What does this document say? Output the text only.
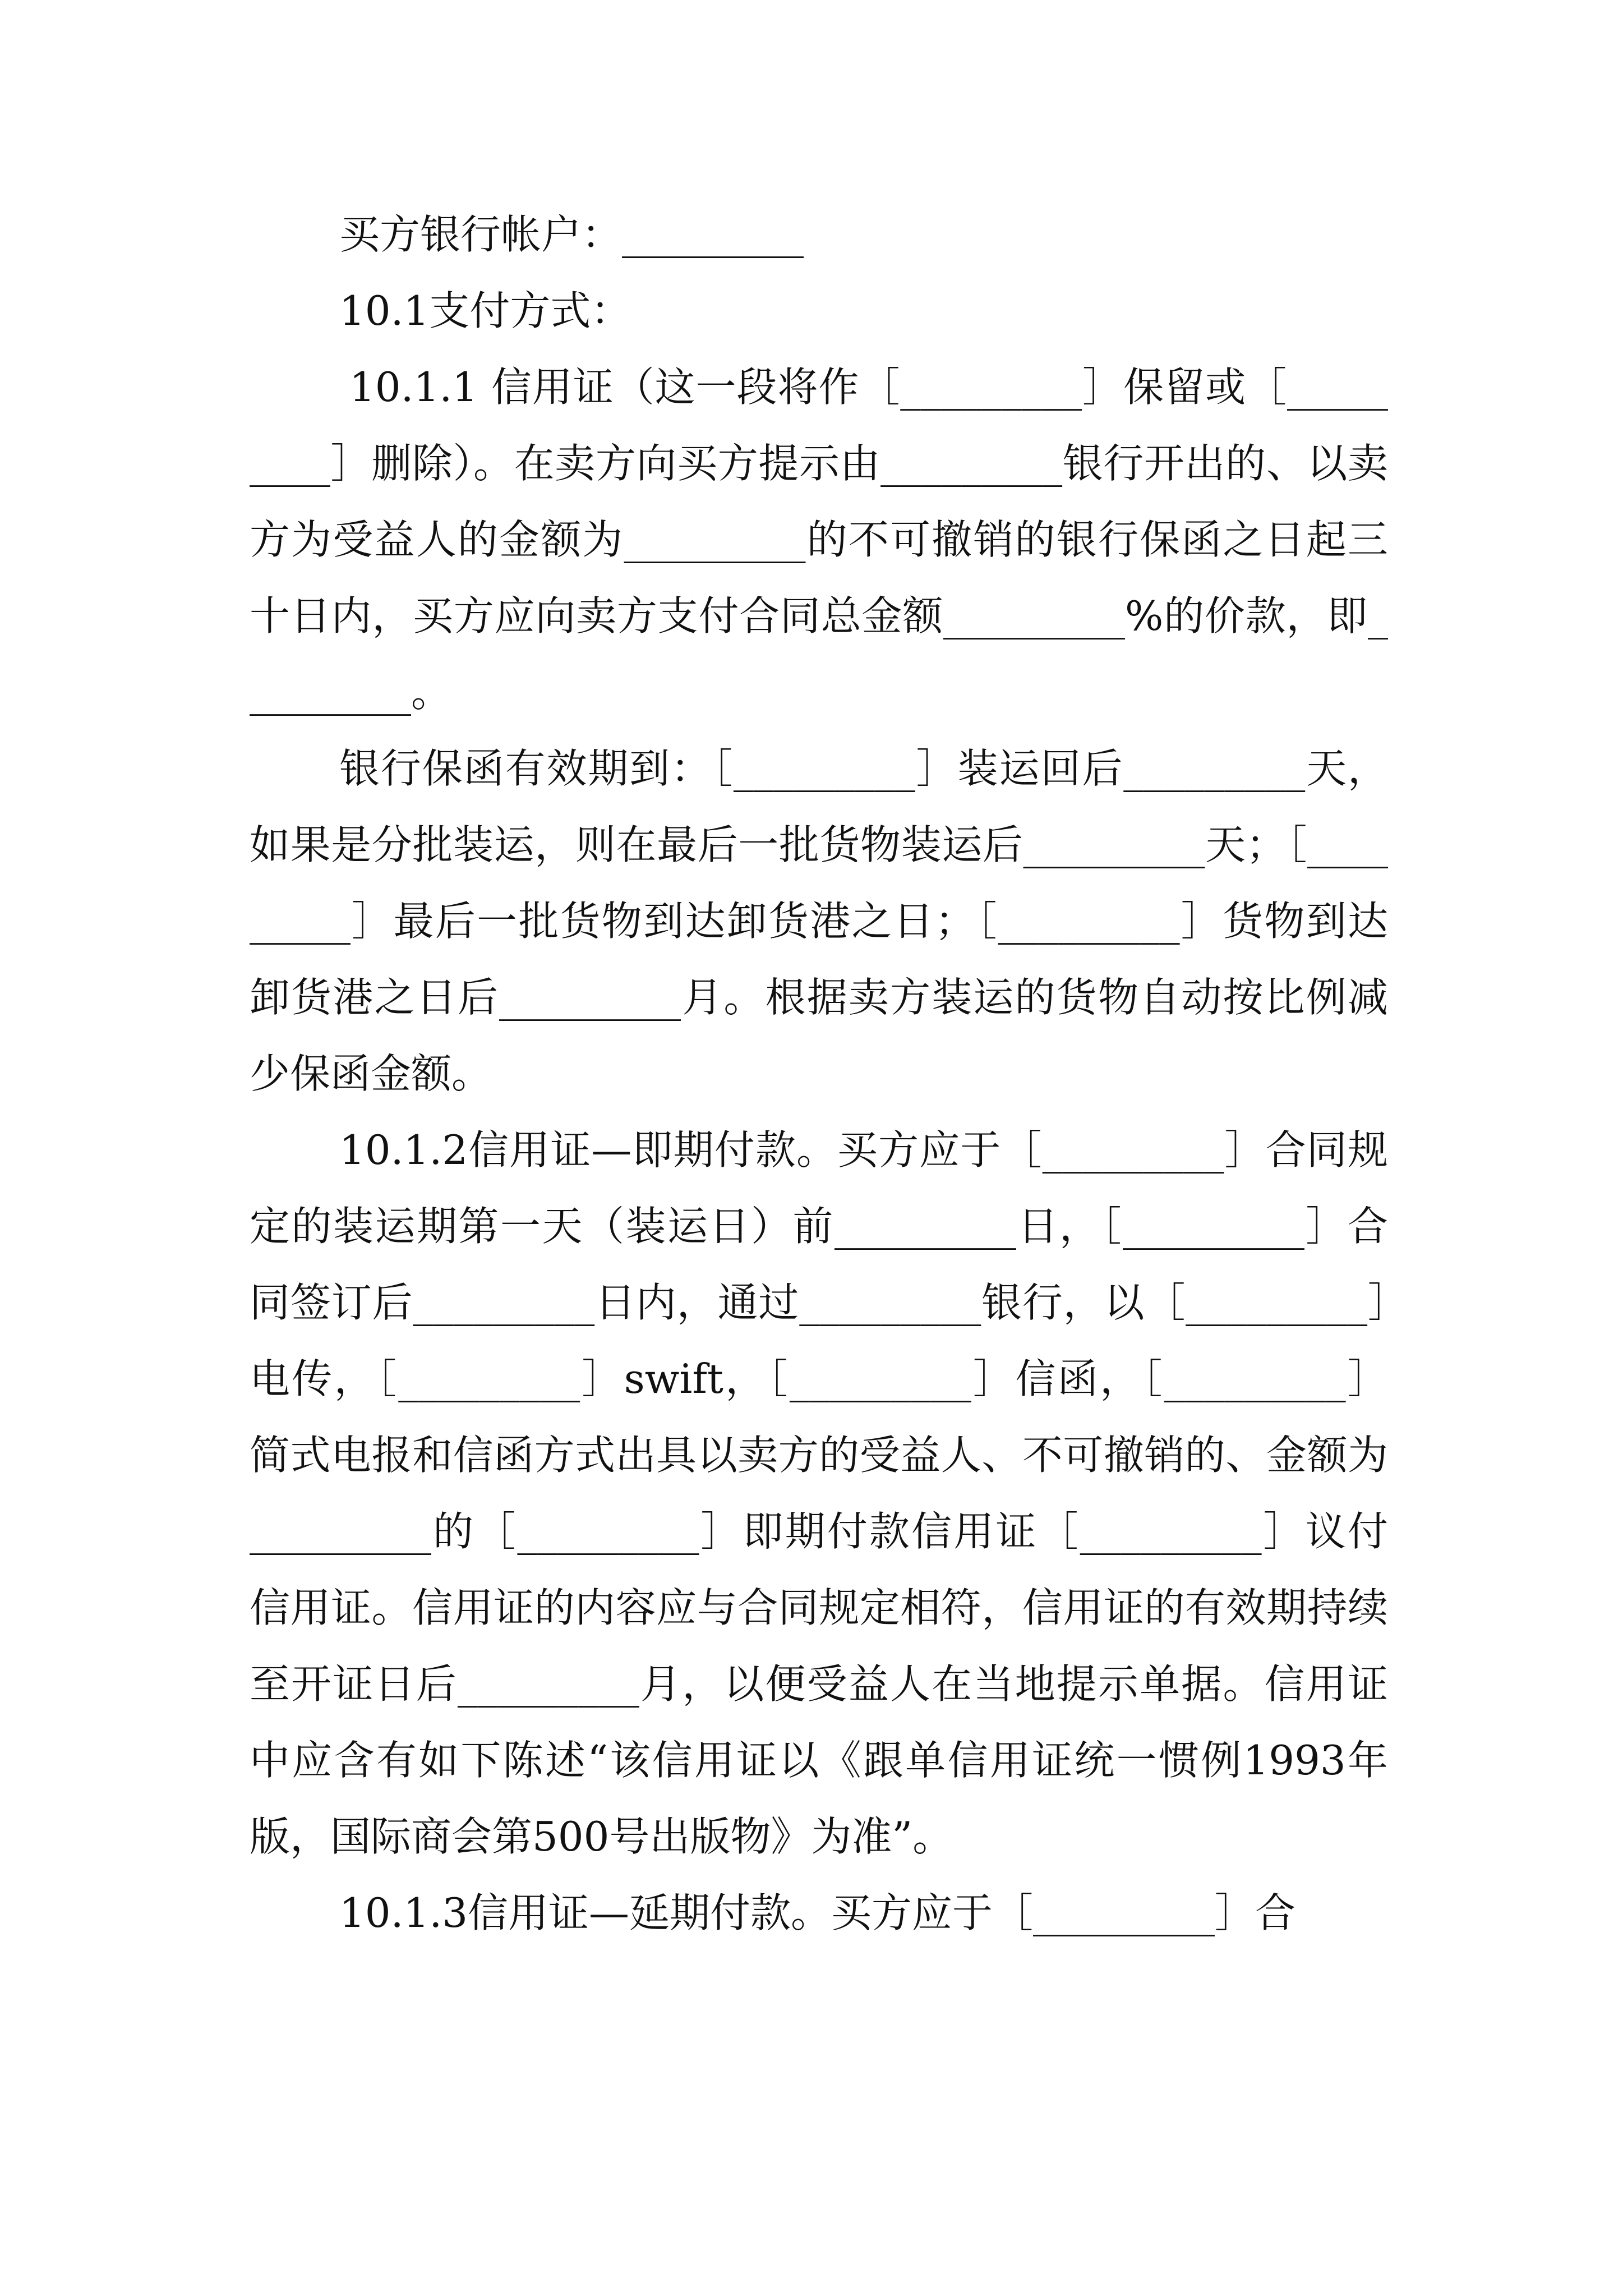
买方银行帐户：_________

10.1支付方式：

10.1.1 信用证（这一段将作［_________］保留或［_________］删除）。在卖方向买方提示由_________银行开出的、以卖方为受益人的金额为_________的不可撤销的银行保函之日起三十日内，买方应向卖方支付合同总金额_________%的价款，即_________。

银行保函有效期到：［_________］装运回后_________天，如果是分批装运，则在最后一批货物装运后_________天；［_________］最后一批货物到达卸货港之日；［_________］货物到达卸货港之日后_________月。根据卖方装运的货物自动按比例减少保函金额。

10.1.2信用证—即期付款。买方应于［_________］合同规定的装运期第一天（装运日）前_________日，［_________］合同签订后_________日内，通过_________银行，以［_________］电传，［_________］swift，［_________］信函，［_________］简式电报和信函方式出具以卖方的受益人、不可撤销的、金额为_________的［_________］即期付款信用证［_________］议付信用证。信用证的内容应与合同规定相符，信用证的有效期持续至开证日后_________月，以便受益人在当地提示单据。信用证中应含有如下陈述“该信用证以《跟单信用证统一惯例1993年版，国际商会第500号出版物》为准”。

10.1.3信用证—延期付款。买方应于［_________］合
